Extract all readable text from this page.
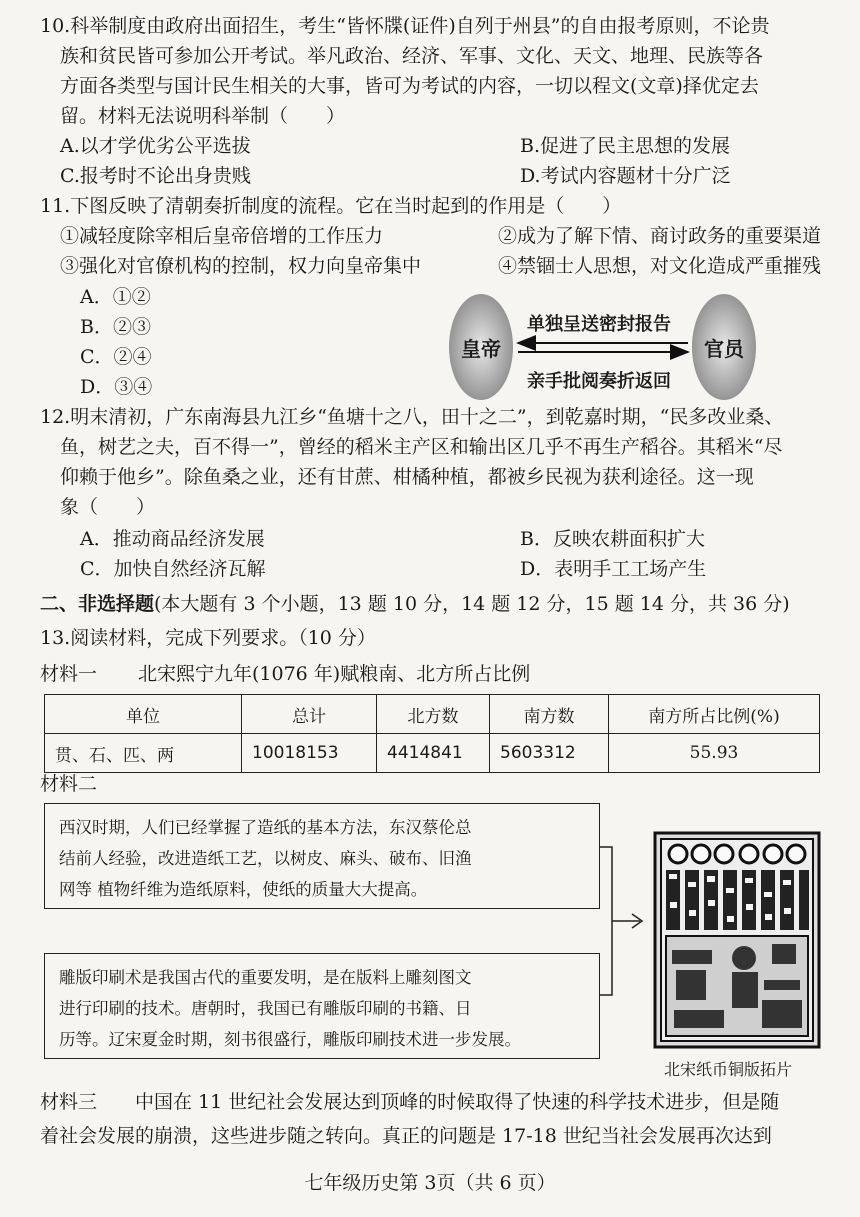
10.科举制度由政府出面招生，考生“皆怀牒(证件)自列于州县”的自由报考原则，不论贵
族和贫民皆可参加公开考试。举凡政治、经济、军事、文化、天文、地理、民族等各
方面各类型与国计民生相关的大事，皆可为考试的内容，一切以程文(文章)择优定去
留。材料无法说明科举制（　　）
A.以才学优劣公平选拔	B.促进了民主思想的发展
C.报考时不论出身贵贱	D.考试内容题材十分广泛
11.下图反映了清朝奏折制度的流程。它在当时起到的作用是（　　）
①减轻度除宰相后皇帝倍增的工作压力	②成为了解下情、商讨政务的重要渠道
③强化对官僚机构的控制，权力向皇帝集中	④禁锢士人思想，对文化造成严重摧残
A．①②
B．②③
C．②④
D．③④
皇帝	官员
单独呈送密封报告
亲手批阅奏折返回
12.明末清初，广东南海县九江乡“鱼塘十之八，田十之二”，到乾嘉时期，“民多改业桑、
鱼，树艺之夫，百不得一”，曾经的稻米主产区和输出区几乎不再生产稻谷。其稻米“尽
仰赖于他乡”。除鱼桑之业，还有甘蔗、柑橘种植，都被乡民视为获利途径。这一现
象（　　）
A．推动商品经济发展	B．反映农耕面积扩大
C．加快自然经济瓦解	D．表明手工工场产生
二、非选择题(本大题有 3 个小题，13 题 10 分，14 题 12 分，15 题 14 分，共 36 分)
13.阅读材料，完成下列要求。（10 分）
材料一 北宋熙宁九年(1076 年)赋粮南、北方所占比例
单位	总计	北方数	南方数	南方所占比例(%)
贯、石、匹、两	10018153	4414841	5603312	55.93
材料二
西汉时期，人们已经掌握了造纸的基本方法，东汉蔡伦总
结前人经验，改进造纸工艺，以树皮、麻头、破布、旧渔
网等 植物纤维为造纸原料，使纸的质量大大提高。
雕版印刷术是我国古代的重要发明，是在版料上雕刻图文
进行印刷的技术。唐朝时，我国已有雕版印刷的书籍、日
历等。辽宋夏金时期，刻书很盛行，雕版印刷技术进一步发展。
北宋纸币铜版拓片
材料三　　中国在 11 世纪社会发展达到顶峰的时候取得了快速的科学技术进步，但是随
着社会发展的崩溃，这些进步随之转向。真正的问题是 17-18 世纪当社会发展再次达到
七年级历史第 3页（共 6 页）
